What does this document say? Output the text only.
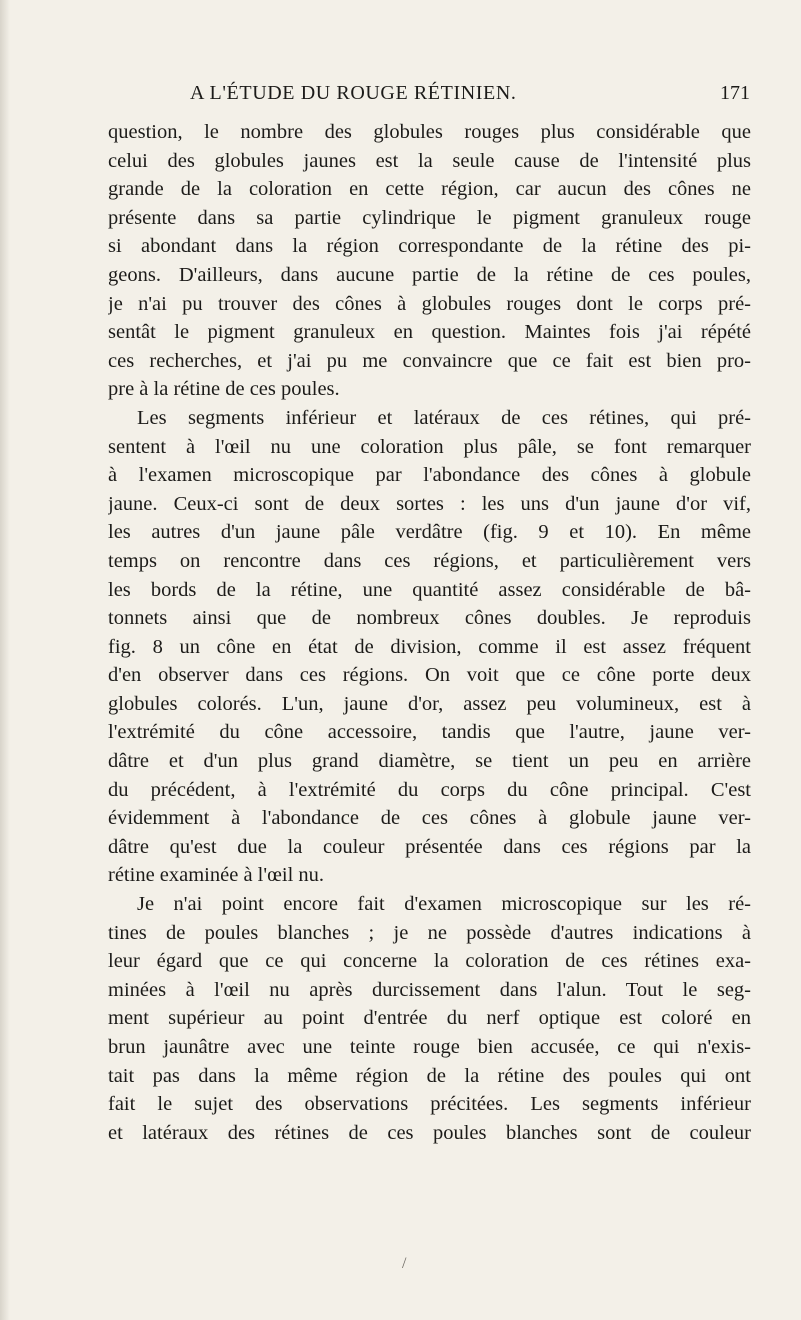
A L'ÉTUDE DU ROUGE RÉTINIEN.	171
question, le nombre des globules rouges plus considérable que
celui des globules jaunes est la seule cause de l'intensité plus
grande de la coloration en cette région, car aucun des cônes ne
présente dans sa partie cylindrique le pigment granuleux rouge
si abondant dans la région correspondante de la rétine des pi-
geons. D'ailleurs, dans aucune partie de la rétine de ces poules,
je n'ai pu trouver des cônes à globules rouges dont le corps pré-
sentât le pigment granuleux en question. Maintes fois j'ai répété
ces recherches, et j'ai pu me convaincre que ce fait est bien pro-
pre à la rétine de ces poules.
Les segments inférieur et latéraux de ces rétines, qui pré-
sentent à l'œil nu une coloration plus pâle, se font remarquer
à l'examen microscopique par l'abondance des cônes à globule
jaune. Ceux-ci sont de deux sortes : les uns d'un jaune d'or vif,
les autres d'un jaune pâle verdâtre (fig. 9 et 10). En même
temps on rencontre dans ces régions, et particulièrement vers
les bords de la rétine, une quantité assez considérable de bâ-
tonnets ainsi que de nombreux cônes doubles. Je reproduis
fig. 8 un cône en état de division, comme il est assez fréquent
d'en observer dans ces régions. On voit que ce cône porte deux
globules colorés. L'un, jaune d'or, assez peu volumineux, est à
l'extrémité du cône accessoire, tandis que l'autre, jaune ver-
dâtre et d'un plus grand diamètre, se tient un peu en arrière
du précédent, à l'extrémité du corps du cône principal. C'est
évidemment à l'abondance de ces cônes à globule jaune ver-
dâtre qu'est due la couleur présentée dans ces régions par la
rétine examinée à l'œil nu.
Je n'ai point encore fait d'examen microscopique sur les ré-
tines de poules blanches ; je ne possède d'autres indications à
leur égard que ce qui concerne la coloration de ces rétines exa-
minées à l'œil nu après durcissement dans l'alun. Tout le seg-
ment supérieur au point d'entrée du nerf optique est coloré en
brun jaunâtre avec une teinte rouge bien accusée, ce qui n'exis-
tait pas dans la même région de la rétine des poules qui ont
fait le sujet des observations précitées. Les segments inférieur
et latéraux des rétines de ces poules blanches sont de couleur
/
